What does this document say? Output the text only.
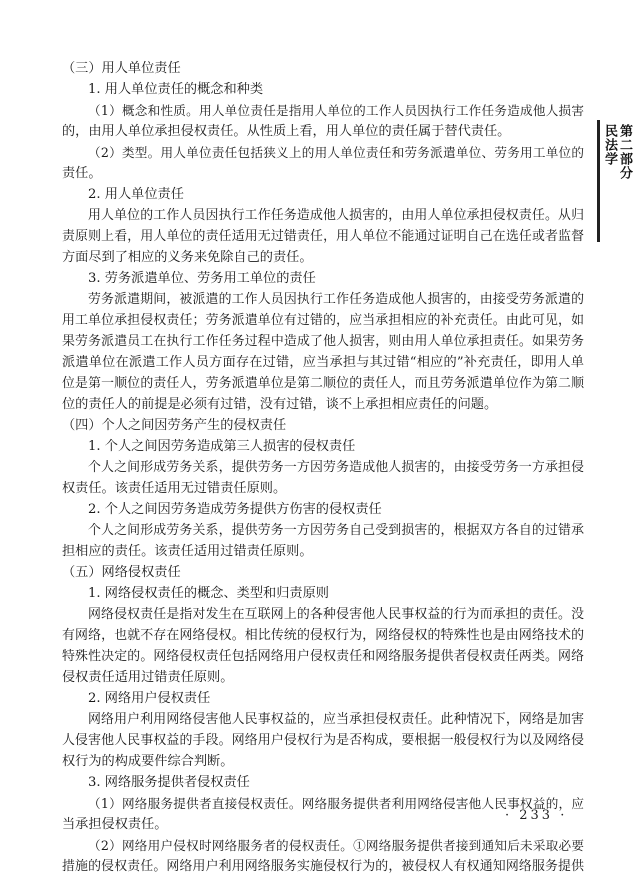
（三）用人单位责任
1. 用人单位责任的概念和种类
（1）概念和性质。用人单位责任是指用人单位的工作人员因执行工作任务造成他人损害
的，由用人单位承担侵权责任。从性质上看，用人单位的责任属于替代责任。
（2）类型。用人单位责任包括狭义上的用人单位责任和劳务派遣单位、劳务用工单位的
责任。
2. 用人单位责任
用人单位的工作人员因执行工作任务造成他人损害的，由用人单位承担侵权责任。从归
责原则上看，用人单位的责任适用无过错责任，用人单位不能通过证明自己在选任或者监督
方面尽到了相应的义务来免除自己的责任。
3. 劳务派遣单位、劳务用工单位的责任
劳务派遣期间，被派遣的工作人员因执行工作任务造成他人损害的，由接受劳务派遣的
用工单位承担侵权责任；劳务派遣单位有过错的，应当承担相应的补充责任。由此可见，如
果劳务派遣员工在执行工作任务过程中造成了他人损害，则由用人单位承担责任。如果劳务
派遣单位在派遣工作人员方面存在过错，应当承担与其过错“相应的”补充责任，即用人单
位是第一顺位的责任人，劳务派遣单位是第二顺位的责任人，而且劳务派遣单位作为第二顺
位的责任人的前提是必须有过错，没有过错，谈不上承担相应责任的问题。
（四）个人之间因劳务产生的侵权责任
1. 个人之间因劳务造成第三人损害的侵权责任
个人之间形成劳务关系，提供劳务一方因劳务造成他人损害的，由接受劳务一方承担侵
权责任。该责任适用无过错责任原则。
2. 个人之间因劳务造成劳务提供方伤害的侵权责任
个人之间形成劳务关系，提供劳务一方因劳务自己受到损害的，根据双方各自的过错承
担相应的责任。该责任适用过错责任原则。
（五）网络侵权责任
1. 网络侵权责任的概念、类型和归责原则
网络侵权责任是指对发生在互联网上的各种侵害他人民事权益的行为而承担的责任。没
有网络，也就不存在网络侵权。相比传统的侵权行为，网络侵权的特殊性也是由网络技术的
特殊性决定的。网络侵权责任包括网络用户侵权责任和网络服务提供者侵权责任两类。网络
侵权责任适用过错责任原则。
2. 网络用户侵权责任
网络用户利用网络侵害他人民事权益的，应当承担侵权责任。此种情况下，网络是加害
人侵害他人民事权益的手段。网络用户侵权行为是否构成，要根据一般侵权行为以及网络侵
权行为的构成要件综合判断。
3. 网络服务提供者侵权责任
（1）网络服务提供者直接侵权责任。网络服务提供者利用网络侵害他人民事权益的，应
当承担侵权责任。
（2）网络用户侵权时网络服务者的侵权责任。①网络服务提供者接到通知后未采取必要
措施的侵权责任。网络用户利用网络服务实施侵权行为的，被侵权人有权通知网络服务提供
第二部分
民法学
· 233 ·
